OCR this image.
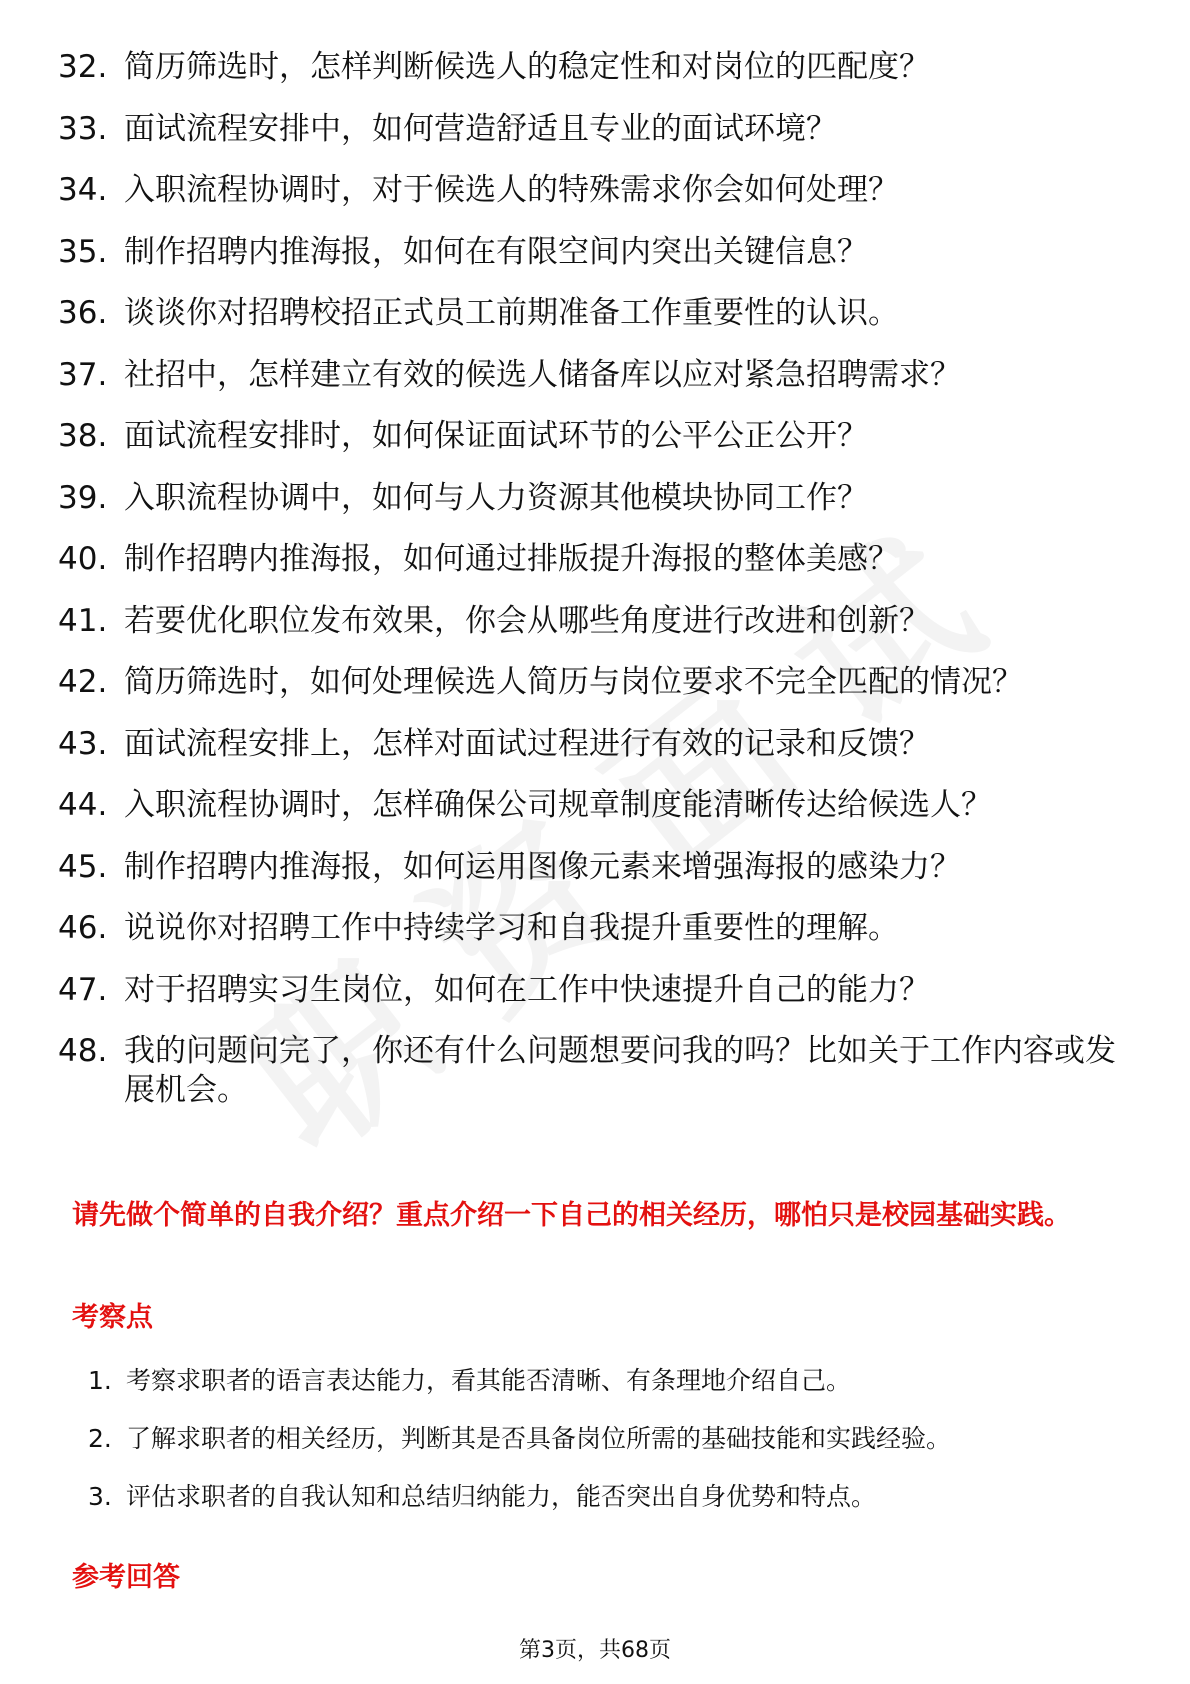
32. 简历筛选时，怎样判断候选人的稳定性和对岗位的匹配度？
33. 面试流程安排中，如何营造舒适且专业的面试环境？
34. 入职流程协调时，对于候选人的特殊需求你会如何处理？
35. 制作招聘内推海报，如何在有限空间内突出关键信息？
36. 谈谈你对招聘校招正式员工前期准备工作重要性的认识。
37. 社招中，怎样建立有效的候选人储备库以应对紧急招聘需求？
38. 面试流程安排时，如何保证面试环节的公平公正公开？
39. 入职流程协调中，如何与人力资源其他模块协同工作？
40. 制作招聘内推海报，如何通过排版提升海报的整体美感？
41. 若要优化职位发布效果，你会从哪些角度进行改进和创新？
42. 简历筛选时，如何处理候选人简历与岗位要求不完全匹配的情况？
43. 面试流程安排上，怎样对面试过程进行有效的记录和反馈？
44. 入职流程协调时，怎样确保公司规章制度能清晰传达给候选人？
45. 制作招聘内推海报，如何运用图像元素来增强海报的感染力？
46. 说说你对招聘工作中持续学习和自我提升重要性的理解。
47. 对于招聘实习生岗位，如何在工作中快速提升自己的能力？
48. 我的问题问完了，你还有什么问题想要问我的吗？比如关于工作内容或发展机会。
请先做个简单的自我介绍？重点介绍一下自己的相关经历，哪怕只是校园基础实践。
考察点
1. 考察求职者的语言表达能力，看其能否清晰、有条理地介绍自己。
2. 了解求职者的相关经历，判断其是否具备岗位所需的基础技能和实践经验。
3. 评估求职者的自我认知和总结归纳能力，能否突出自身优势和特点。
参考回答
第3页，共68页
